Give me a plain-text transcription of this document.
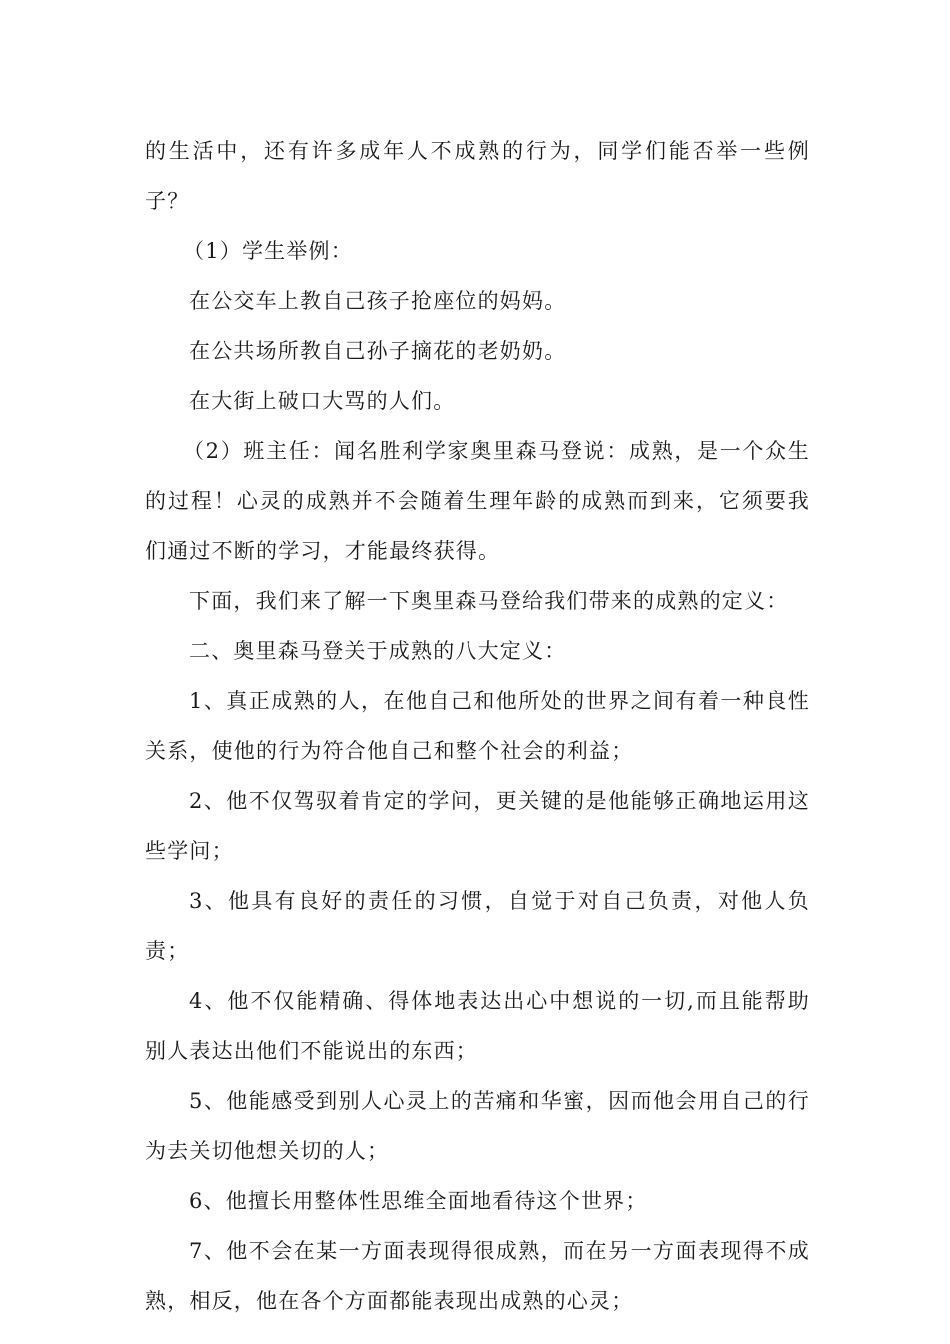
的生活中，还有许多成年人不成熟的行为，同学们能否举一些例子？

（1）学生举例：

在公交车上教自己孩子抢座位的妈妈。

在公共场所教自己孙子摘花的老奶奶。

在大街上破口大骂的人们。

（2）班主任：闻名胜利学家奥里森马登说：成熟，是一个众生的过程！心灵的成熟并不会随着生理年龄的成熟而到来，它须要我们通过不断的学习，才能最终获得。

下面，我们来了解一下奥里森马登给我们带来的成熟的定义：

二、奥里森马登关于成熟的八大定义：

1、真正成熟的人，在他自己和他所处的世界之间有着一种良性关系，使他的行为符合他自己和整个社会的利益；

2、他不仅驾驭着肯定的学问，更关键的是他能够正确地运用这些学问；

3、他具有良好的责任的习惯，自觉于对自己负责，对他人负责；

4、他不仅能精确、得体地表达出心中想说的一切,而且能帮助别人表达出他们不能说出的东西；

5、他能感受到别人心灵上的苦痛和华蜜，因而他会用自己的行为去关切他想关切的人；

6、他擅长用整体性思维全面地看待这个世界；

7、他不会在某一方面表现得很成熟，而在另一方面表现得不成熟，相反，他在各个方面都能表现出成熟的心灵；
